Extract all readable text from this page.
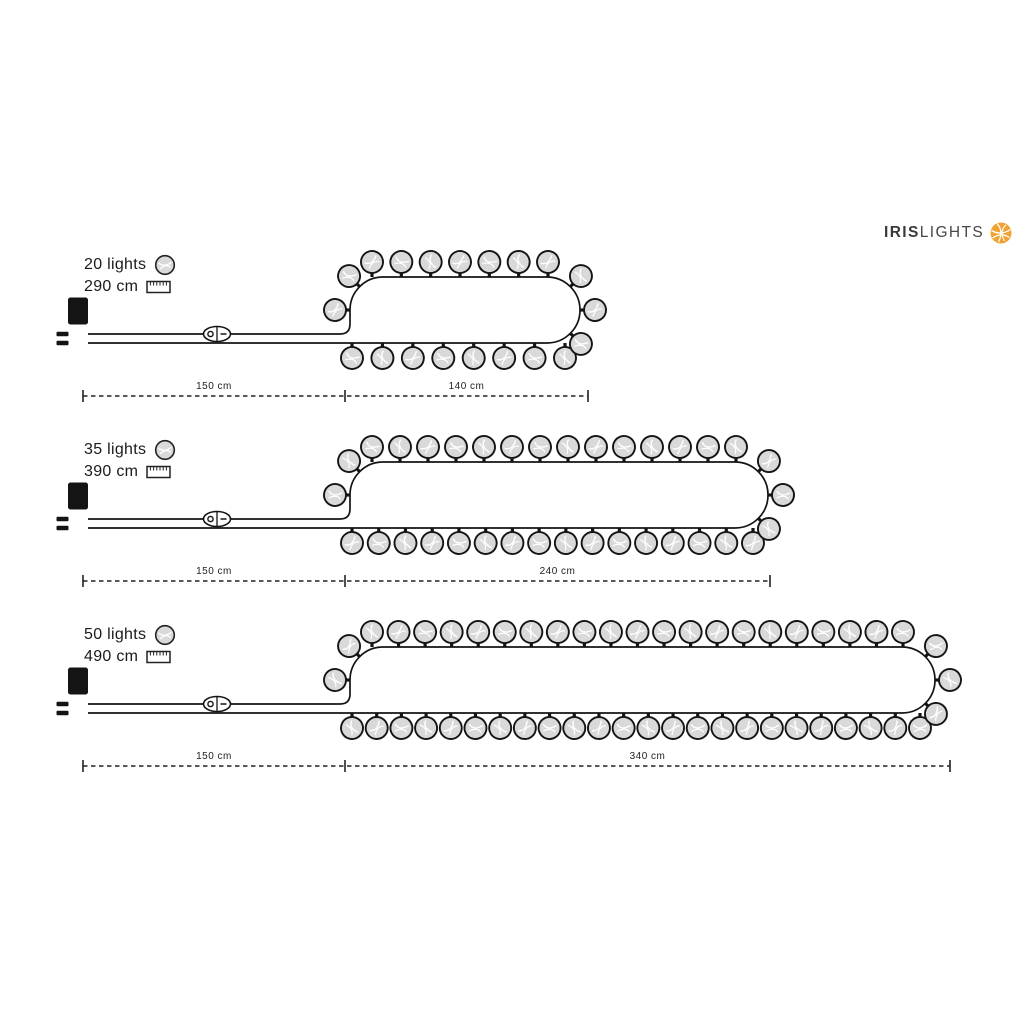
150 cm	140 cm
150 cm	240 cm
150 cm	340 cm
IRIS LIGHTS
20 lights
290 cm
35 lights
390 cm
50 lights
490 cm
